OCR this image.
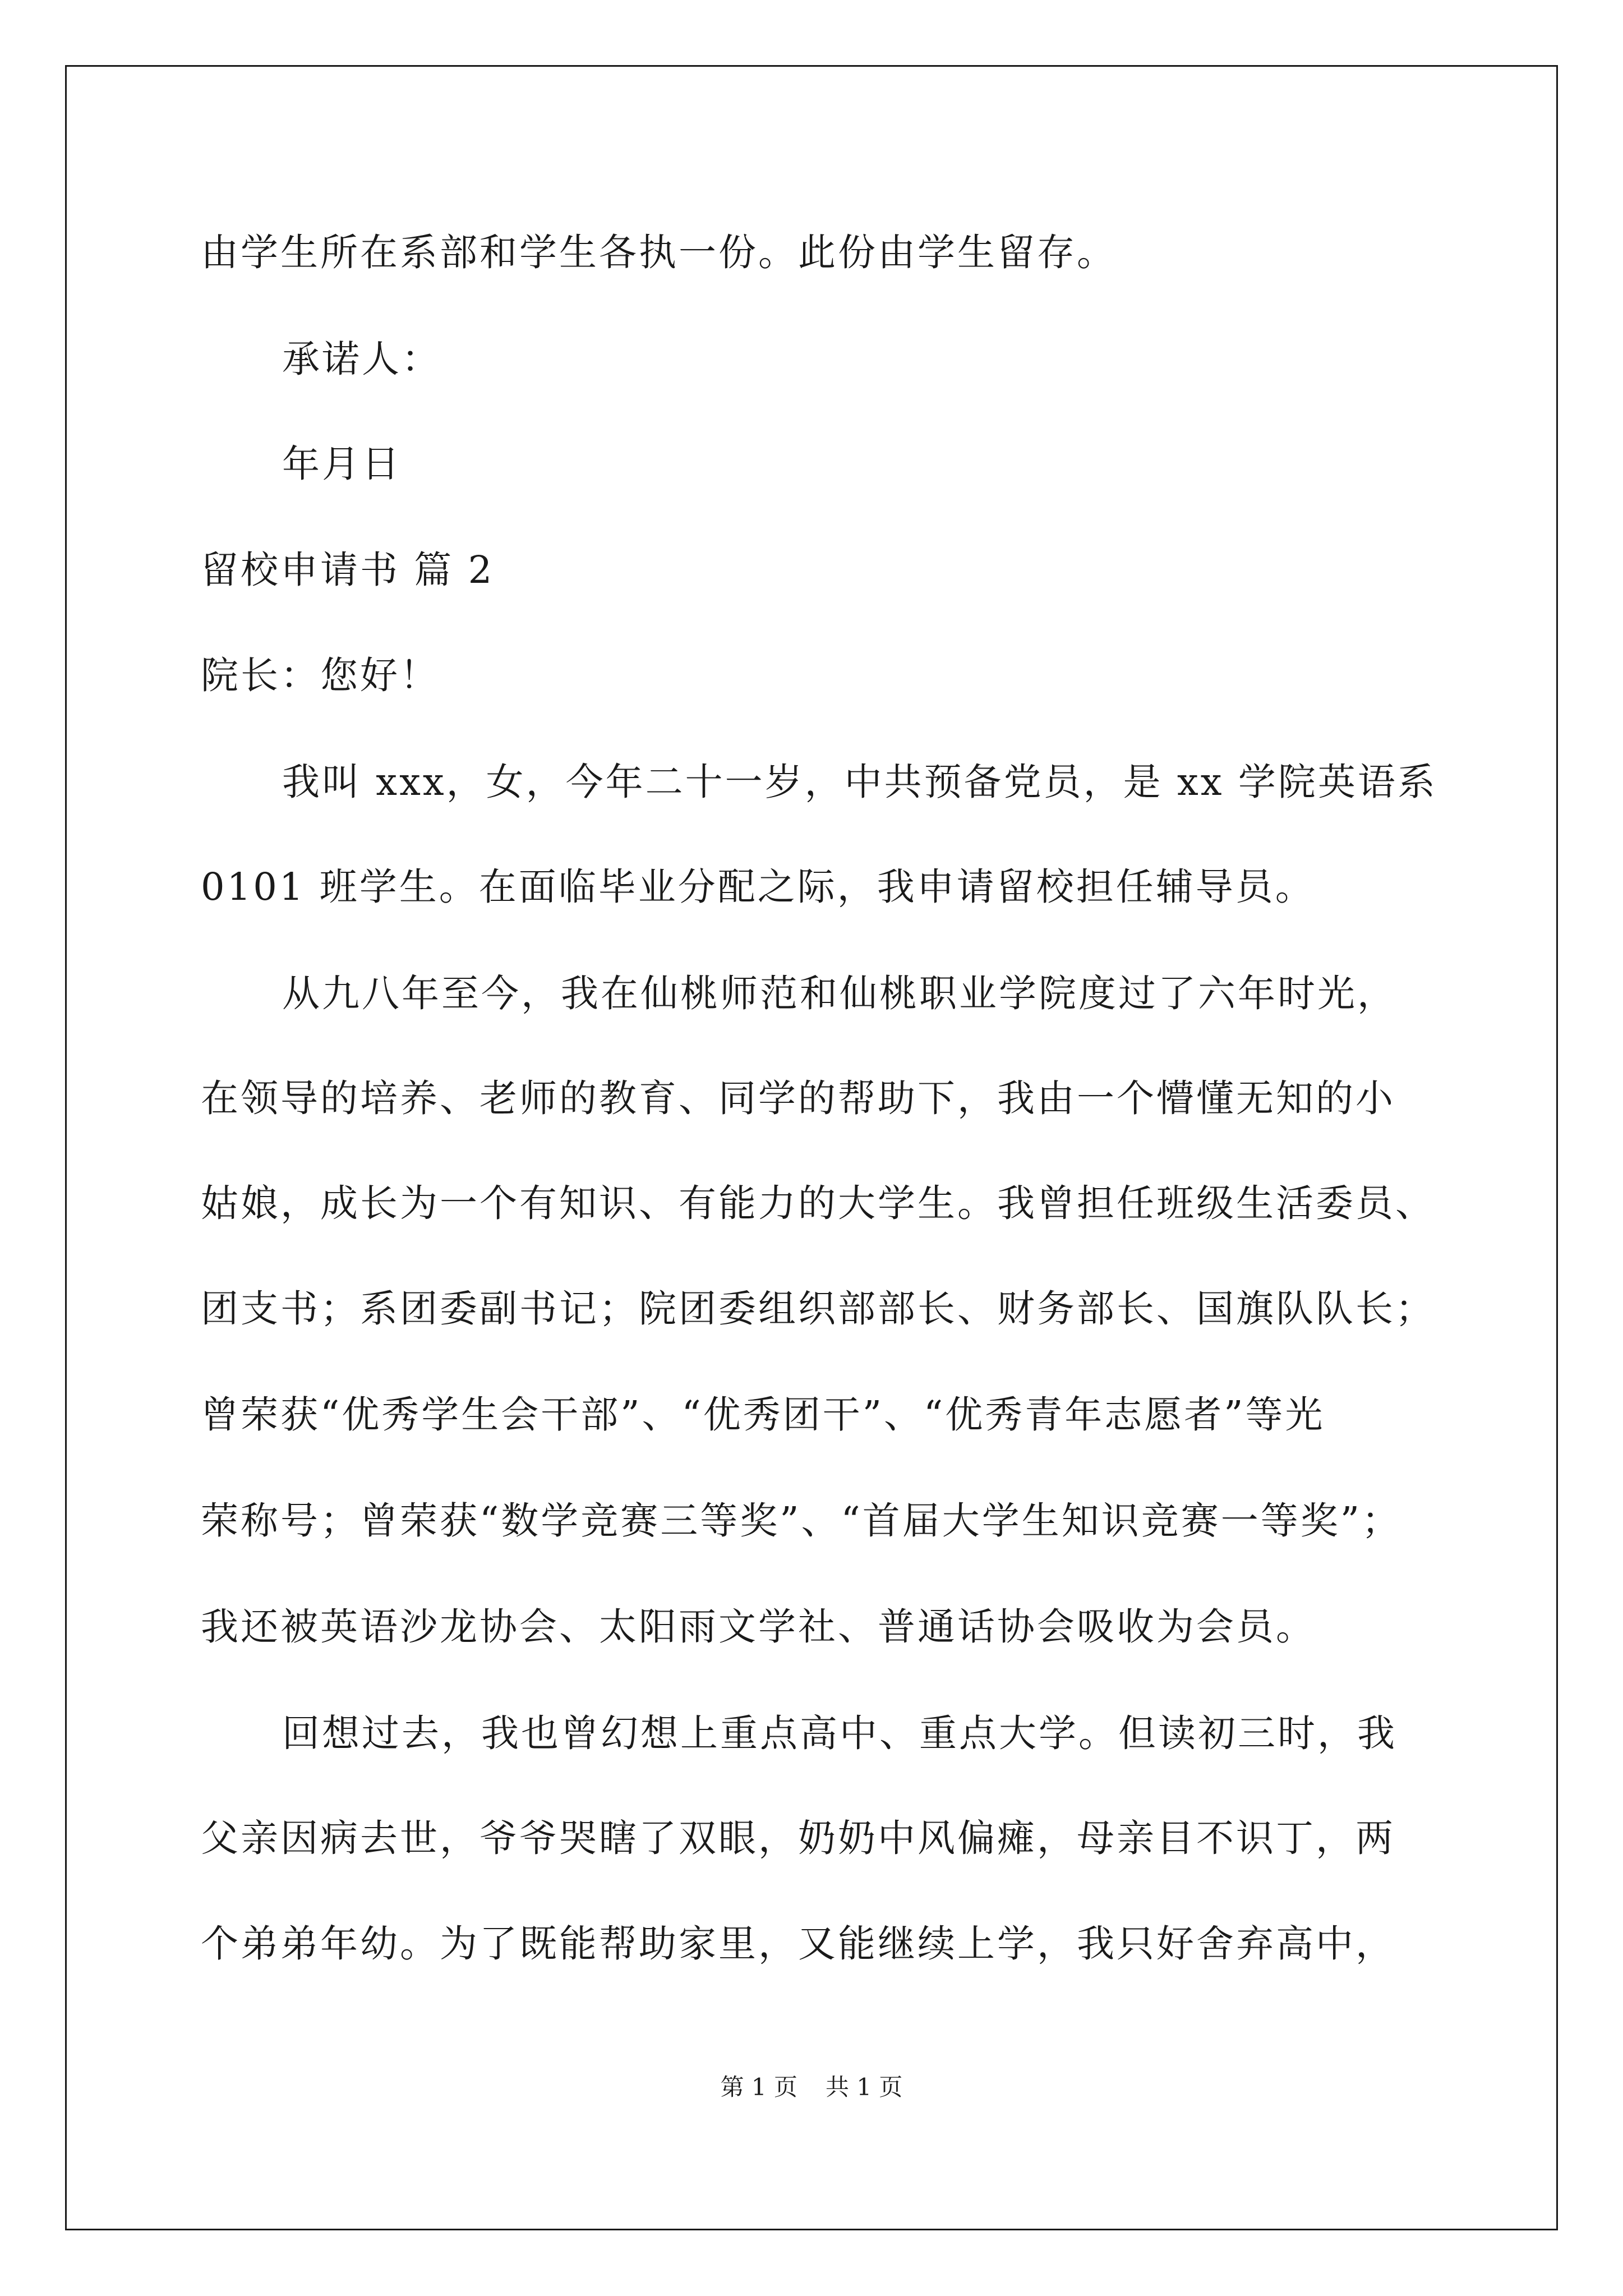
由学生所在系部和学生各执一份。此份由学生留存。
承诺人：
年月日
留校申请书 篇 2
院长：您好！
我叫 xxx，女，今年二十一岁，中共预备党员，是 xx 学院英语系
0101 班学生。在面临毕业分配之际，我申请留校担任辅导员。
从九八年至今，我在仙桃师范和仙桃职业学院度过了六年时光，
在领导的培养、老师的教育、同学的帮助下，我由一个懵懂无知的小
姑娘，成长为一个有知识、有能力的大学生。我曾担任班级生活委员、
团支书；系团委副书记；院团委组织部部长、财务部长、国旗队队长；
曾荣获“优秀学生会干部”、“优秀团干”、“优秀青年志愿者”等光
荣称号；曾荣获“数学竞赛三等奖”、“首届大学生知识竞赛一等奖”；
我还被英语沙龙协会、太阳雨文学社、普通话协会吸收为会员。
回想过去，我也曾幻想上重点高中、重点大学。但读初三时，我
父亲因病去世，爷爷哭瞎了双眼，奶奶中风偏瘫，母亲目不识丁，两
个弟弟年幼。为了既能帮助家里，又能继续上学，我只好舍弃高中，
第 1 页 共 1 页
